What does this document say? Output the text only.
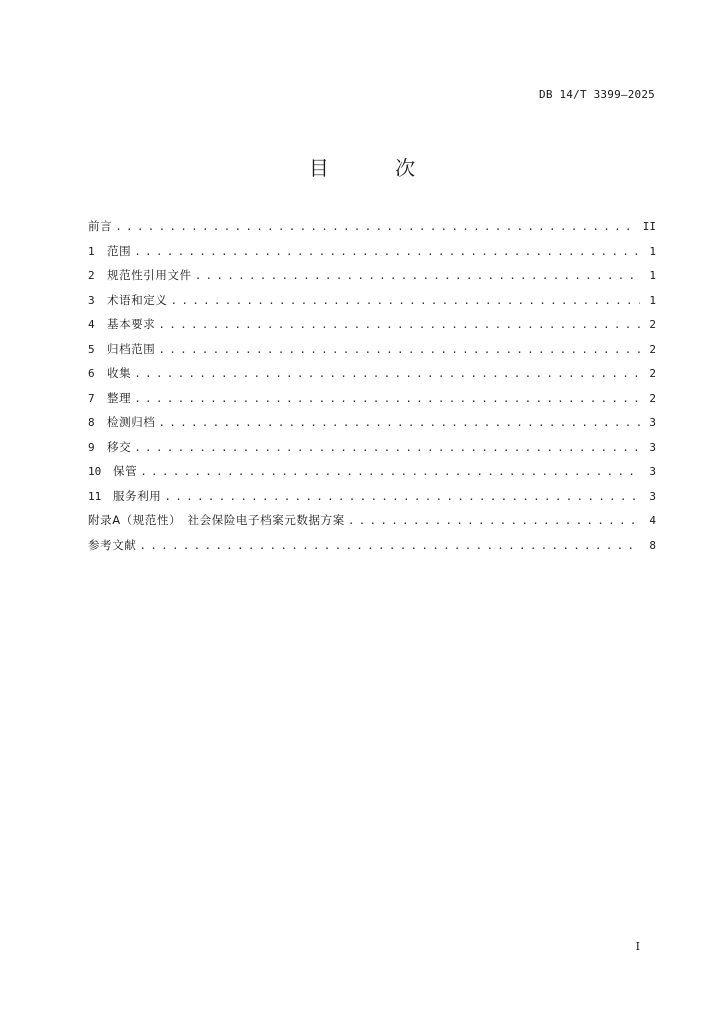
DB 14/T 3399—2025
目 次
前言 . . .	II
1	范围 . . .	1
2	规范性引用文件 . . .	1
3	术语和定义 . . .	1
4	基本要求 . . .	2
5	归档范围 . . .	2
6	收集 . . .	2
7	整理 . . .	2
8	检测归档 . . .	3
9	移交 . . .	3
10	保管 . . .	3
11	服务利用 . . .	3
附录A（规范性）　社会保险电子档案元数据方案 . . .	4
参考文献 . . .	8
I
